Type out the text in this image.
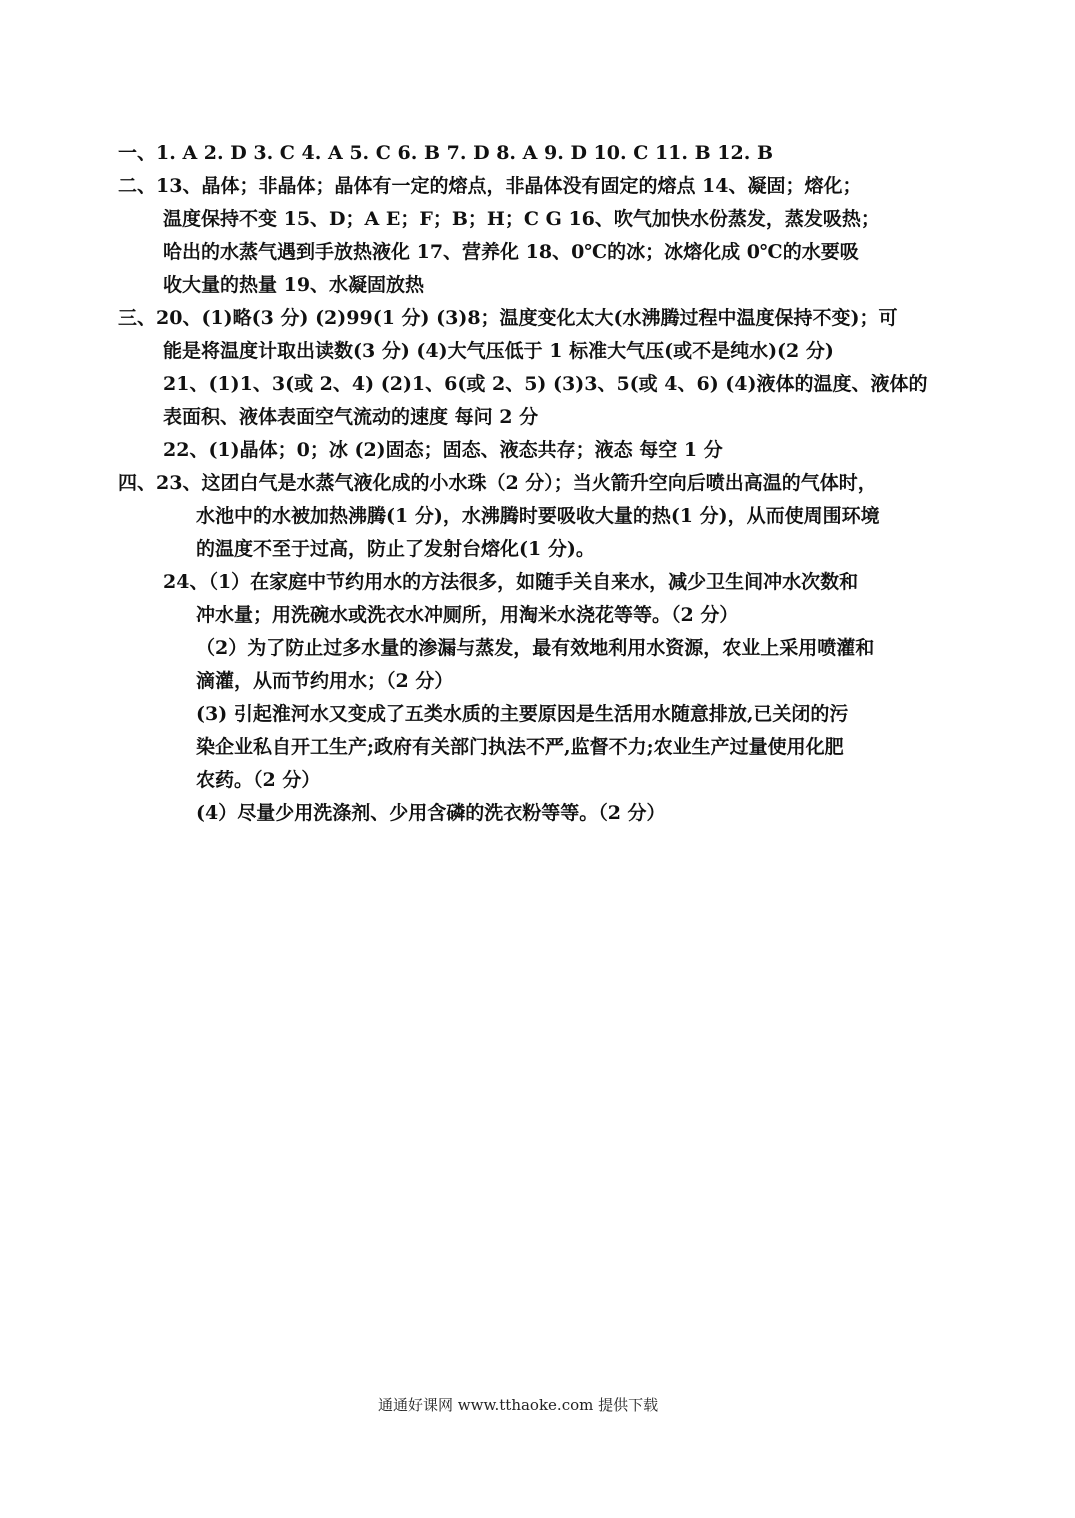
一、1. A 2. D 3. C 4. A 5. C 6. B 7. D 8. A 9. D 10. C 11. B 12. B
二、13、晶体；非晶体；晶体有一定的熔点，非晶体没有固定的熔点 14、凝固；熔化；
温度保持不变 15、D；A E；F；B；H；C G 16、吹气加快水份蒸发，蒸发吸热；
哈出的水蒸气遇到手放热液化 17、营养化 18、0℃的冰；冰熔化成 0℃的水要吸
收大量的热量 19、水凝固放热
三、20、(1)略(3 分) (2)99(1 分) (3)8；温度变化太大(水沸腾过程中温度保持不变)；可
能是将温度计取出读数(3 分) (4)大气压低于 1 标准大气压(或不是纯水)(2 分)
21、(1)1、3(或 2、4) (2)1、6(或 2、5) (3)3、5(或 4、6) (4)液体的温度、液体的
表面积、液体表面空气流动的速度 每问 2 分
22、(1)晶体；0；冰 (2)固态；固态、液态共存；液态 每空 1 分
四、23、这团白气是水蒸气液化成的小水珠（2 分）；当火箭升空向后喷出高温的气体时，
水池中的水被加热沸腾(1 分)，水沸腾时要吸收大量的热(1 分)，从而使周围环境
的温度不至于过高，防止了发射台熔化(1 分)。
24、（1）在家庭中节约用水的方法很多，如随手关自来水，减少卫生间冲水次数和
冲水量；用洗碗水或洗衣水冲厕所，用淘米水浇花等等。（2 分）
（2）为了防止过多水量的渗漏与蒸发，最有效地利用水资源，农业上采用喷灌和
滴灌，从而节约用水；（2 分）
(3) 引起淮河水又变成了五类水质的主要原因是生活用水随意排放,已关闭的污
染企业私自开工生产;政府有关部门执法不严,监督不力;农业生产过量使用化肥
农药。（2 分）
(4）尽量少用洗涤剂、少用含磷的洗衣粉等等。（2 分）
通通好课网 www.tthaoke.com 提供下载
